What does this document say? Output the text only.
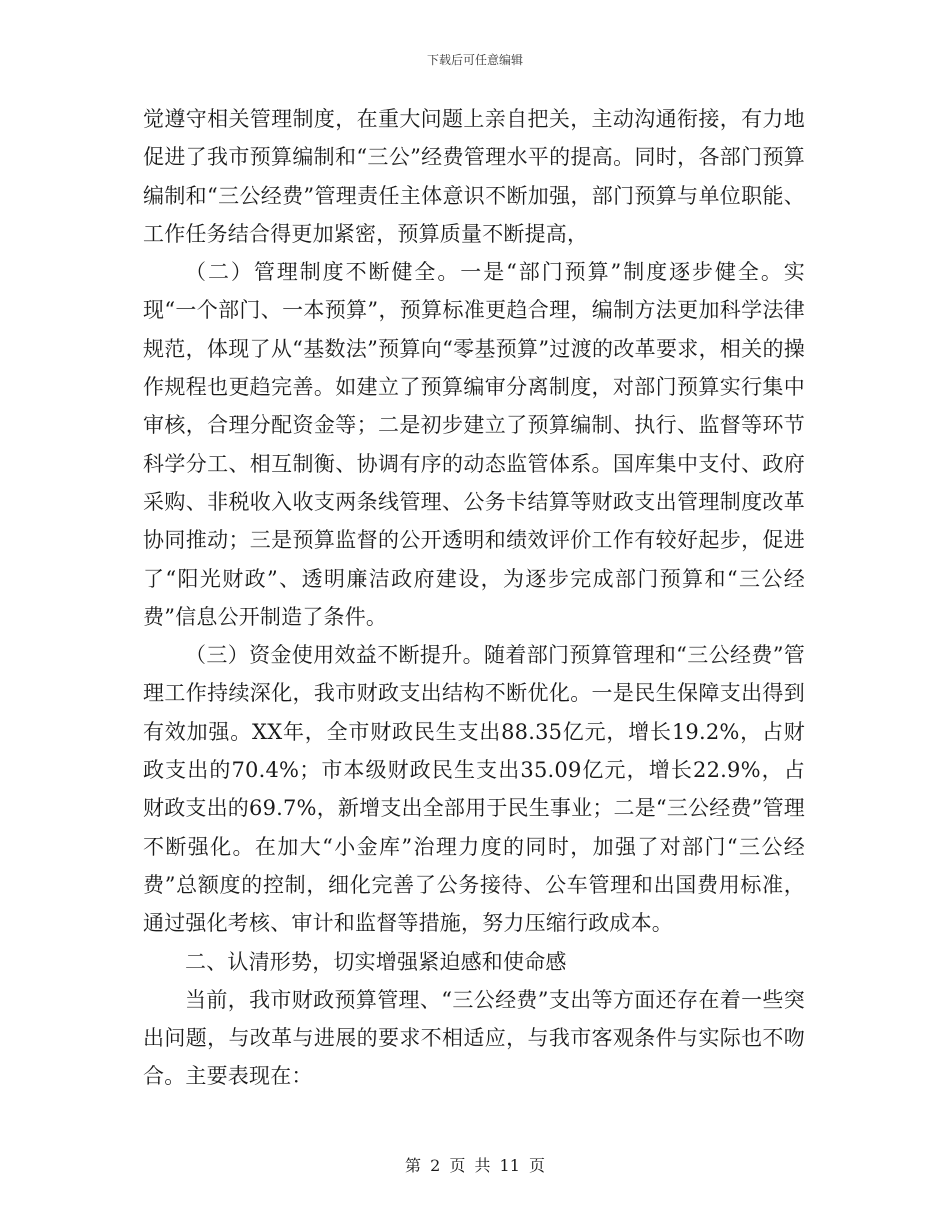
下载后可任意编辑

觉遵守相关管理制度，在重大问题上亲自把关，主动沟通衔接，有力地促进了我市预算编制和“三公”经费管理水平的提高。同时，各部门预算编制和“三公经费”管理责任主体意识不断加强，部门预算与单位职能、工作任务结合得更加紧密，预算质量不断提高，

（二）管理制度不断健全。一是“部门预算”制度逐步健全。实现“一个部门、一本预算”，预算标准更趋合理，编制方法更加科学法律规范，体现了从“基数法”预算向“零基预算”过渡的改革要求，相关的操作规程也更趋完善。如建立了预算编审分离制度，对部门预算实行集中审核，合理分配资金等；二是初步建立了预算编制、执行、监督等环节科学分工、相互制衡、协调有序的动态监管体系。国库集中支付、政府采购、非税收入收支两条线管理、公务卡结算等财政支出管理制度改革协同推动；三是预算监督的公开透明和绩效评价工作有较好起步，促进了“阳光财政”、透明廉洁政府建设，为逐步完成部门预算和“三公经费”信息公开制造了条件。

（三）资金使用效益不断提升。随着部门预算管理和“三公经费”管理工作持续深化，我市财政支出结构不断优化。一是民生保障支出得到有效加强。XX年，全市财政民生支出88.35亿元，增长19.2%，占财政支出的70.4%；市本级财政民生支出35.09亿元，增长22.9%，占财政支出的69.7%，新增支出全部用于民生事业；二是“三公经费”管理不断强化。在加大“小金库”治理力度的同时，加强了对部门“三公经费”总额度的控制，细化完善了公务接待、公车管理和出国费用标准，通过强化考核、审计和监督等措施，努力压缩行政成本。

二、认清形势，切实增强紧迫感和使命感

当前，我市财政预算管理、“三公经费”支出等方面还存在着一些突出问题，与改革与进展的要求不相适应，与我市客观条件与实际也不吻合。主要表现在：

第 2 页 共 11 页
